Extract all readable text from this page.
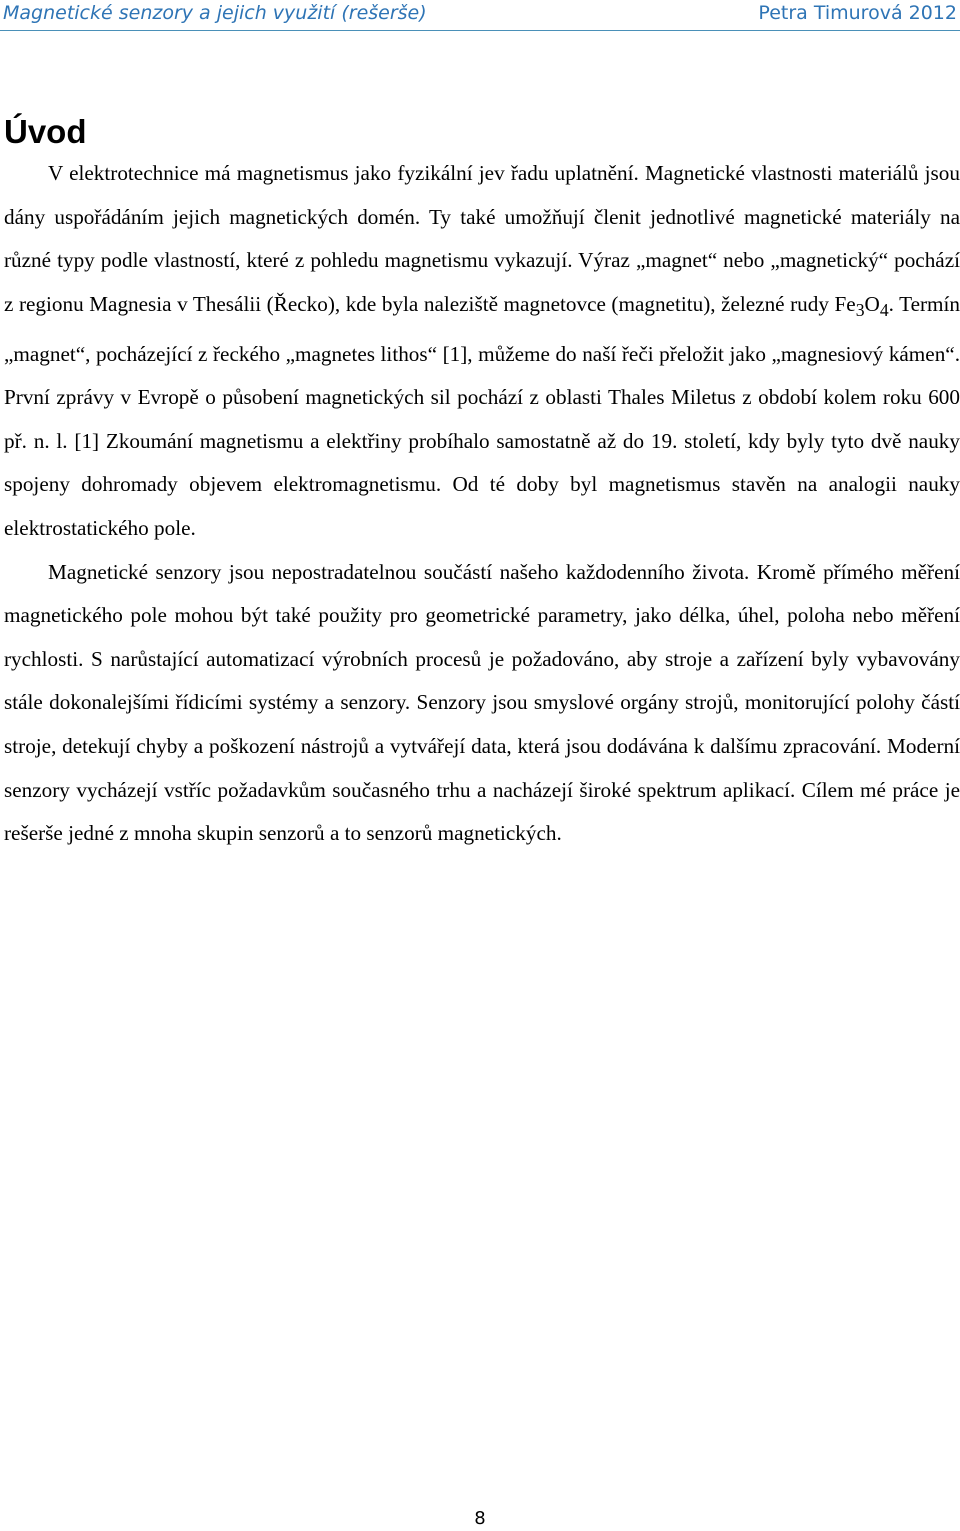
Magnetické senzory a jejich využití (rešerše)	Petra Timurová 2012
Úvod

V elektrotechnice má magnetismus jako fyzikální jev řadu uplatnění. Magnetické vlastnosti materiálů jsou dány uspořádáním jejich magnetických domén. Ty také umožňují členit jednotlivé magnetické materiály na různé typy podle vlastností, které z pohledu magnetismu vykazují. Výraz „magnet“ nebo „magnetický“ pochází z regionu Magnesia v Thesálii (Řecko), kde byla naleziště magnetovce (magnetitu), železné rudy $Fe_3O_4$. Termín „magnet“, pocházející z řeckého „magnetes lithos“ [1], můžeme do naší řeči přeložit jako „magnesiový kámen“. První zprávy v Evropě o působení magnetických sil pochází z oblasti Thales Miletus z období kolem roku 600 př. n. l. [1] Zkoumání magnetismu a elektřiny probíhalo samostatně až do 19. století, kdy byly tyto dvě nauky spojeny dohromady objevem elektromagnetismu. Od té doby byl magnetismus stavěn na analogii nauky elektrostatického pole.

Magnetické senzory jsou nepostradatelnou součástí našeho každodenního života. Kromě přímého měření magnetického pole mohou být také použity pro geometrické parametry, jako délka, úhel, poloha nebo měření rychlosti. S narůstající automatizací výrobních procesů je požadováno, aby stroje a zařízení byly vybavovány stále dokonalejšími řídicími systémy a senzory. Senzory jsou smyslové orgány strojů, monitorující polohy částí stroje, detekují chyby a poškození nástrojů a vytvářejí data, která jsou dodávána k dalšímu zpracování. Moderní senzory vycházejí vstříc požadavkům současného trhu a nacházejí široké spektrum aplikací. Cílem mé práce je rešerše jedné z mnoha skupin senzorů a to senzorů magnetických.

8
